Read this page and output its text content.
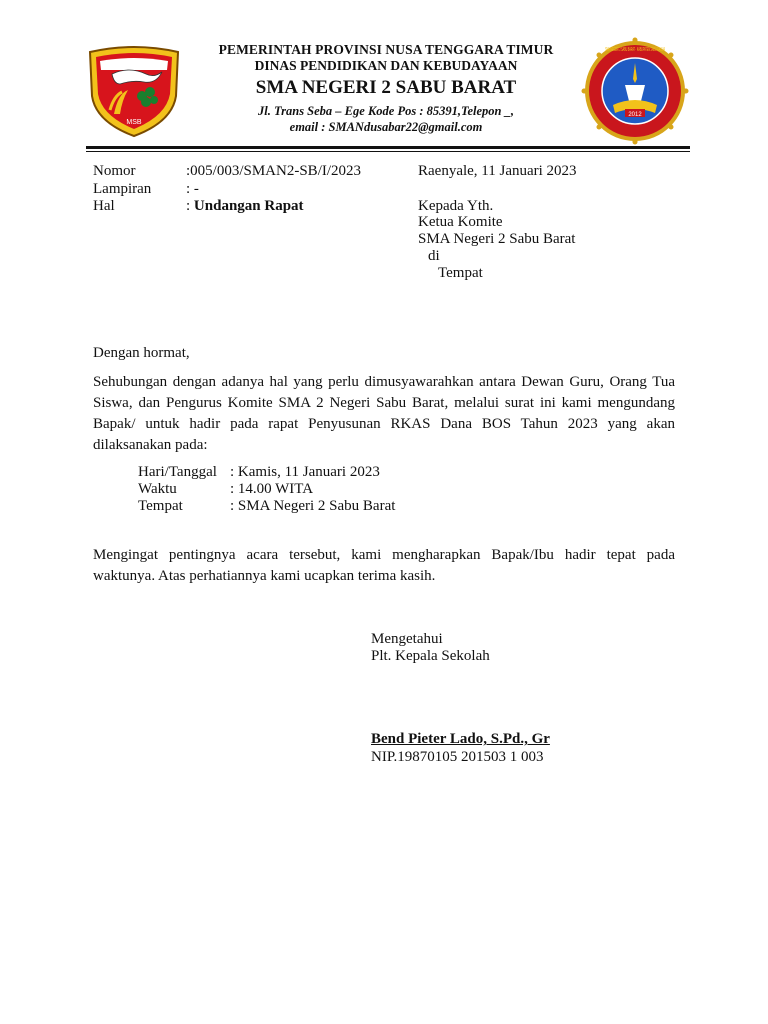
MSB
PEMERINTAH PROVINSI NUSA TENGGARA TIMUR
DINAS PENDIDIKAN DAN KEBUDAYAAN
SMA NEGERI 2 SABU BARAT
Jl. Trans Seba – Ege Kode Pos : 85391,Telepon _,
email : SMANdusabar22@gmail.com
2012
SMA NEGERI 2 SABU BARAT · KABUPATEN SABU RAIJUA
Nomor	:005/003/SMAN2-SB/I/2023	Raenyale, 11 Januari 2023
Lampiran : -
Hal	: Undangan Rapat	Kepada Yth.
Ketua Komite
SMA Negeri 2 Sabu Barat
di
Tempat
Dengan hormat,
Sehubungan dengan adanya hal yang perlu dimusyawarahkan antara Dewan Guru, Orang Tua Siswa, dan Pengurus Komite SMA 2 Negeri Sabu Barat, melalui surat ini kami mengundang Bapak/ untuk hadir pada rapat Penyusunan RKAS Dana BOS Tahun 2023 yang akan dilaksanakan pada:
Hari/Tanggal : Kamis, 11 Januari 2023
Waktu	: 14.00 WITA
Tempat	: SMA Negeri 2 Sabu Barat
Mengingat pentingnya acara tersebut, kami mengharapkan Bapak/Ibu hadir tepat pada waktunya. Atas perhatiannya kami ucapkan terima kasih.
Mengetahui
Plt. Kepala Sekolah
Bend Pieter Lado, S.Pd., Gr
NIP.19870105 201503 1 003
